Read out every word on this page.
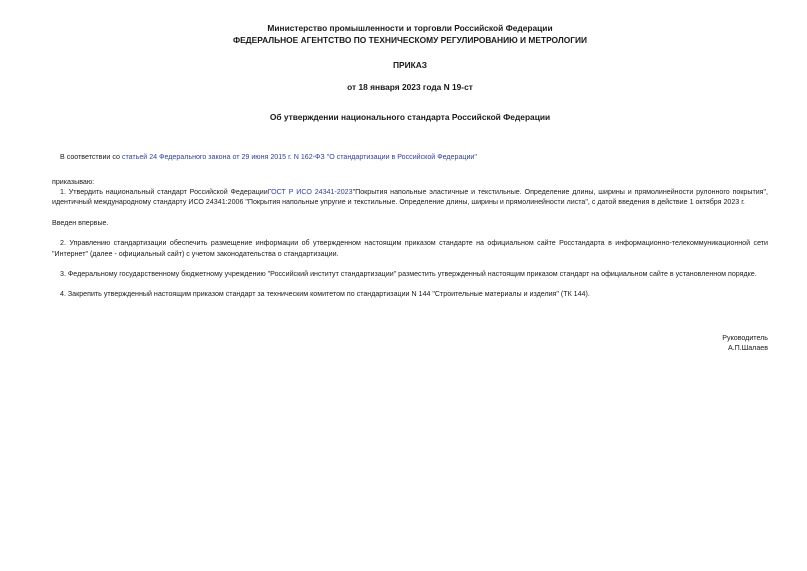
Министерство промышленности и торговли Российской Федерации
ФЕДЕРАЛЬНОЕ АГЕНТСТВО ПО ТЕХНИЧЕСКОМУ РЕГУЛИРОВАНИЮ И МЕТРОЛОГИИ
ПРИКАЗ
от 18 января 2023 года N 19-ст
Об утверждении национального стандарта Российской Федерации

В соответствии со статьей 24 Федерального закона от 29 июня 2015 г. N 162-ФЗ "О стандартизации в Российской Федерации"

приказываю:

1. Утвердить национальный стандарт Российской ФедерацииГОСТ Р ИСО 24341-2023"Покрытия напольные эластичные и текстильные. Определение длины, ширины и прямолинейности рулонного покрытия", идентичный международному стандарту ИСО 24341:2006 "Покрытия напольные упругие и текстильные. Определение длины, ширины и прямолинейности листа", с датой введения в действие 1 октября 2023 г.

Введен впервые.

2. Управлению стандартизации обеспечить размещение информации об утвержденном настоящим приказом стандарте на официальном сайте Росстандарта в информационно-телекоммуникационной сети "Интернет" (далее - официальный сайт) с учетом законодательства о стандартизации.

3. Федеральному государственному бюджетному учреждению "Российский институт стандартизации" разместить утвержденный настоящим приказом стандарт на официальном сайте в установленном порядке.

4. Закрепить утвержденный настоящим приказом стандарт за техническим комитетом по стандартизации N 144 "Строительные материалы и изделия" (ТК 144).

Руководитель
А.П.Шалаев
